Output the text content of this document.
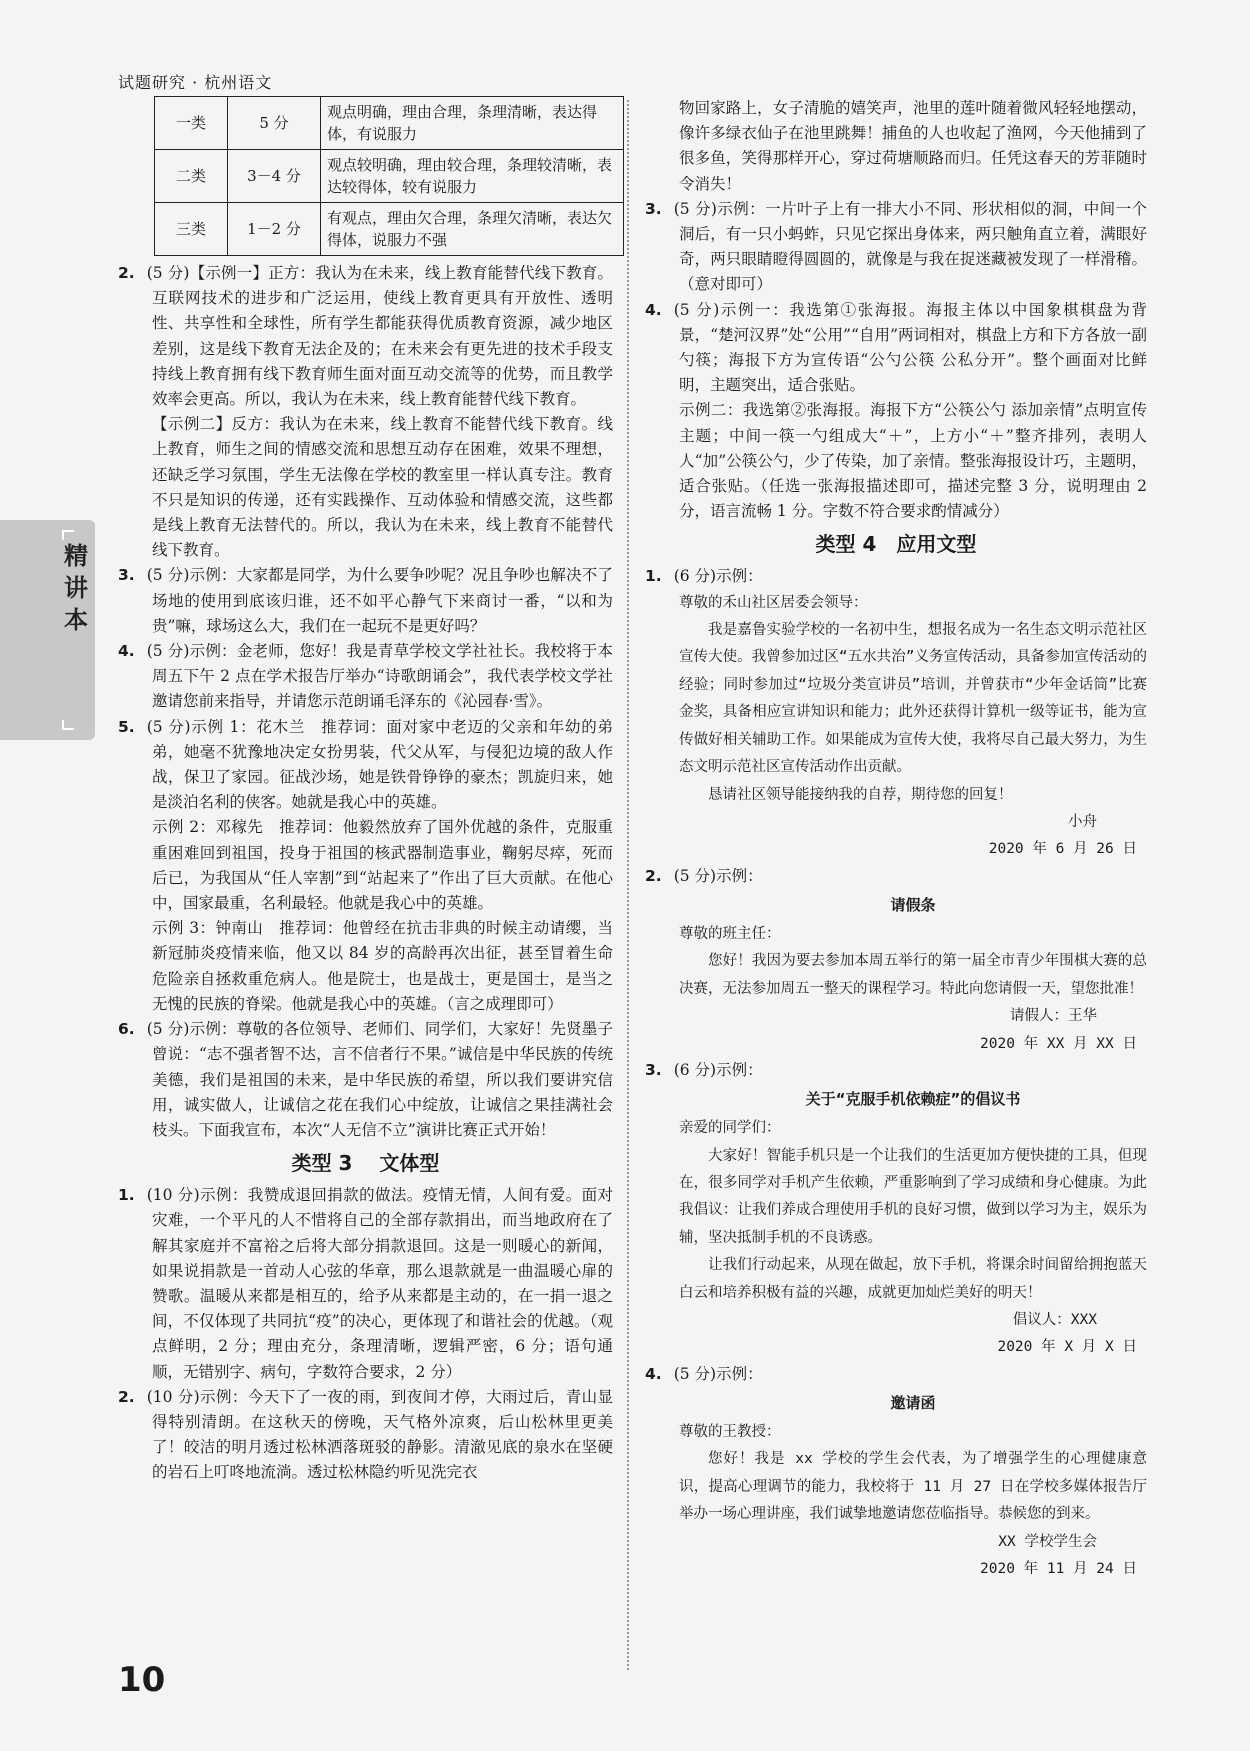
试题研究 · 杭州语文
精讲本
一类	5 分	观点明确，理由合理，条理清晰，表达得体，有说服力
二类	3－4 分	观点较明确，理由较合理，条理较清晰，表达较得体，较有说服力
三类	1－2 分	有观点，理由欠合理，条理欠清晰，表达欠得体，说服力不强

2. (5 分)【示例一】正方：我认为在未来，线上教育能替代线下教育。互联网技术的进步和广泛运用，使线上教育更具有开放性、透明性、共享性和全球性，所有学生都能获得优质教育资源，减少地区差别，这是线下教育无法企及的；在未来会有更先进的技术手段支持线上教育拥有线下教育师生面对面互动交流等的优势，而且教学效率会更高。所以，我认为在未来，线上教育能替代线下教育。

【示例二】反方：我认为在未来，线上教育不能替代线下教育。线上教育，师生之间的情感交流和思想互动存在困难，效果不理想，还缺乏学习氛围，学生无法像在学校的教室里一样认真专注。教育不只是知识的传递，还有实践操作、互动体验和情感交流，这些都是线上教育无法替代的。所以，我认为在未来，线上教育不能替代线下教育。

3. (5 分)示例：大家都是同学，为什么要争吵呢？况且争吵也解决不了场地的使用到底该归谁，还不如平心静气下来商讨一番，“以和为贵”嘛，球场这么大，我们在一起玩不是更好吗？

4. (5 分)示例：金老师，您好！我是青草学校文学社社长。我校将于本周五下午 2 点在学术报告厅举办“诗歌朗诵会”，我代表学校文学社邀请您前来指导，并请您示范朗诵毛泽东的《沁园春·雪》。

5. (5 分)示例 1：花木兰　推荐词：面对家中老迈的父亲和年幼的弟弟，她毫不犹豫地决定女扮男装，代父从军，与侵犯边境的敌人作战，保卫了家园。征战沙场，她是铁骨铮铮的豪杰；凯旋归来，她是淡泊名利的侠客。她就是我心中的英雄。

示例 2：邓稼先　推荐词：他毅然放弃了国外优越的条件，克服重重困难回到祖国，投身于祖国的核武器制造事业，鞠躬尽瘁，死而后已，为我国从“任人宰割”到“站起来了”作出了巨大贡献。在他心中，国家最重，名利最轻。他就是我心中的英雄。

示例 3：钟南山　推荐词：他曾经在抗击非典的时候主动请缨，当新冠肺炎疫情来临，他又以 84 岁的高龄再次出征，甚至冒着生命危险亲自拯救重危病人。他是院士，也是战士，更是国士，是当之无愧的民族的脊梁。他就是我心中的英雄。（言之成理即可）

6. (5 分)示例：尊敬的各位领导、老师们、同学们，大家好！先贤墨子曾说：“志不强者智不达，言不信者行不果。”诚信是中华民族的传统美德，我们是祖国的未来，是中华民族的希望，所以我们要讲究信用，诚实做人，让诚信之花在我们心中绽放，让诚信之果挂满社会枝头。下面我宣布，本次“人无信不立”演讲比赛正式开始！

类型 3　 文体型

1. (10 分)示例：我赞成退回捐款的做法。疫情无情，人间有爱。面对灾难，一个平凡的人不惜将自己的全部存款捐出，而当地政府在了解其家庭并不富裕之后将大部分捐款退回。这是一则暖心的新闻，如果说捐款是一首动人心弦的华章，那么退款就是一曲温暖心扉的赞歌。温暖从来都是相互的，给予从来都是主动的，在一捐一退之间，不仅体现了共同抗“疫”的决心，更体现了和谐社会的优越。（观点鲜明，2 分；理由充分，条理清晰，逻辑严密，6 分；语句通顺，无错别字、病句，字数符合要求，2 分）

2. (10 分)示例：今天下了一夜的雨，到夜间才停，大雨过后，青山显得特别清朗。在这秋天的傍晚，天气格外凉爽，后山松林里更美了！皎洁的明月透过松林洒落斑驳的静影。清澈见底的泉水在坚硬的岩石上叮咚地流淌。透过松林隐约听见洗完衣

物回家路上，女子清脆的嬉笑声，池里的莲叶随着微风轻轻地摆动，像许多绿衣仙子在池里跳舞！捕鱼的人也收起了渔网，今天他捕到了很多鱼，笑得那样开心，穿过荷塘顺路而归。任凭这春天的芳菲随时令消失！

3. (5 分)示例：一片叶子上有一排大小不同、形状相似的洞，中间一个洞后，有一只小蚂蚱，只见它探出身体来，两只触角直立着，满眼好奇，两只眼睛瞪得圆圆的，就像是与我在捉迷藏被发现了一样滑稽。（意对即可）

4. (5 分)示例一：我选第①张海报。海报主体以中国象棋棋盘为背景，“楚河汉界”处“公用”“自用”两词相对，棋盘上方和下方各放一副勺筷；海报下方为宣传语“公勺公筷 公私分开”。整个画面对比鲜明，主题突出，适合张贴。

示例二：我选第②张海报。海报下方“公筷公勺 添加亲情”点明宣传主题；中间一筷一勺组成大“＋”，上方小“＋”整齐排列，表明人人“加”公筷公勺，少了传染，加了亲情。整张海报设计巧，主题明，适合张贴。（任选一张海报描述即可，描述完整 3 分，说明理由 2 分，语言流畅 1 分。字数不符合要求酌情减分）

类型 4　应用文型

1. (6 分)示例：

尊敬的禾山社区居委会领导：

我是嘉鲁实验学校的一名初中生，想报名成为一名生态文明示范社区宣传大使。我曾参加过区“五水共治”义务宣传活动，具备参加宣传活动的经验；同时参加过“垃圾分类宣讲员”培训，并曾获市“少年金话筒”比赛金奖，具备相应宣讲知识和能力；此外还获得计算机一级等证书，能为宣传做好相关辅助工作。如果能成为宣传大使，我将尽自己最大努力，为生态文明示范社区宣传活动作出贡献。

恳请社区领导能接纳我的自荐，期待您的回复！

小舟

2020 年 6 月 26 日

2. (5 分)示例：

请假条

尊敬的班主任：

您好！我因为要去参加本周五举行的第一届全市青少年围棋大赛的总决赛，无法参加周五一整天的课程学习。特此向您请假一天，望您批准！

请假人：王华

2020 年 XX 月 XX 日

3. (6 分)示例：

关于“克服手机依赖症”的倡议书

亲爱的同学们：

大家好！智能手机只是一个让我们的生活更加方便快捷的工具，但现在，很多同学对手机产生依赖，严重影响到了学习成绩和身心健康。为此我倡议：让我们养成合理使用手机的良好习惯，做到以学习为主，娱乐为辅，坚决抵制手机的不良诱惑。

让我们行动起来，从现在做起，放下手机，将课余时间留给拥抱蓝天白云和培养积极有益的兴趣，成就更加灿烂美好的明天！

倡议人：XXX

2020 年 X 月 X 日

4. (5 分)示例：

邀请函

尊敬的王教授：

您好！我是 xx 学校的学生会代表，为了增强学生的心理健康意识，提高心理调节的能力，我校将于 11 月 27 日在学校多媒体报告厅举办一场心理讲座，我们诚挚地邀请您莅临指导。恭候您的到来。

XX 学校学生会

2020 年 11 月 24 日

10
